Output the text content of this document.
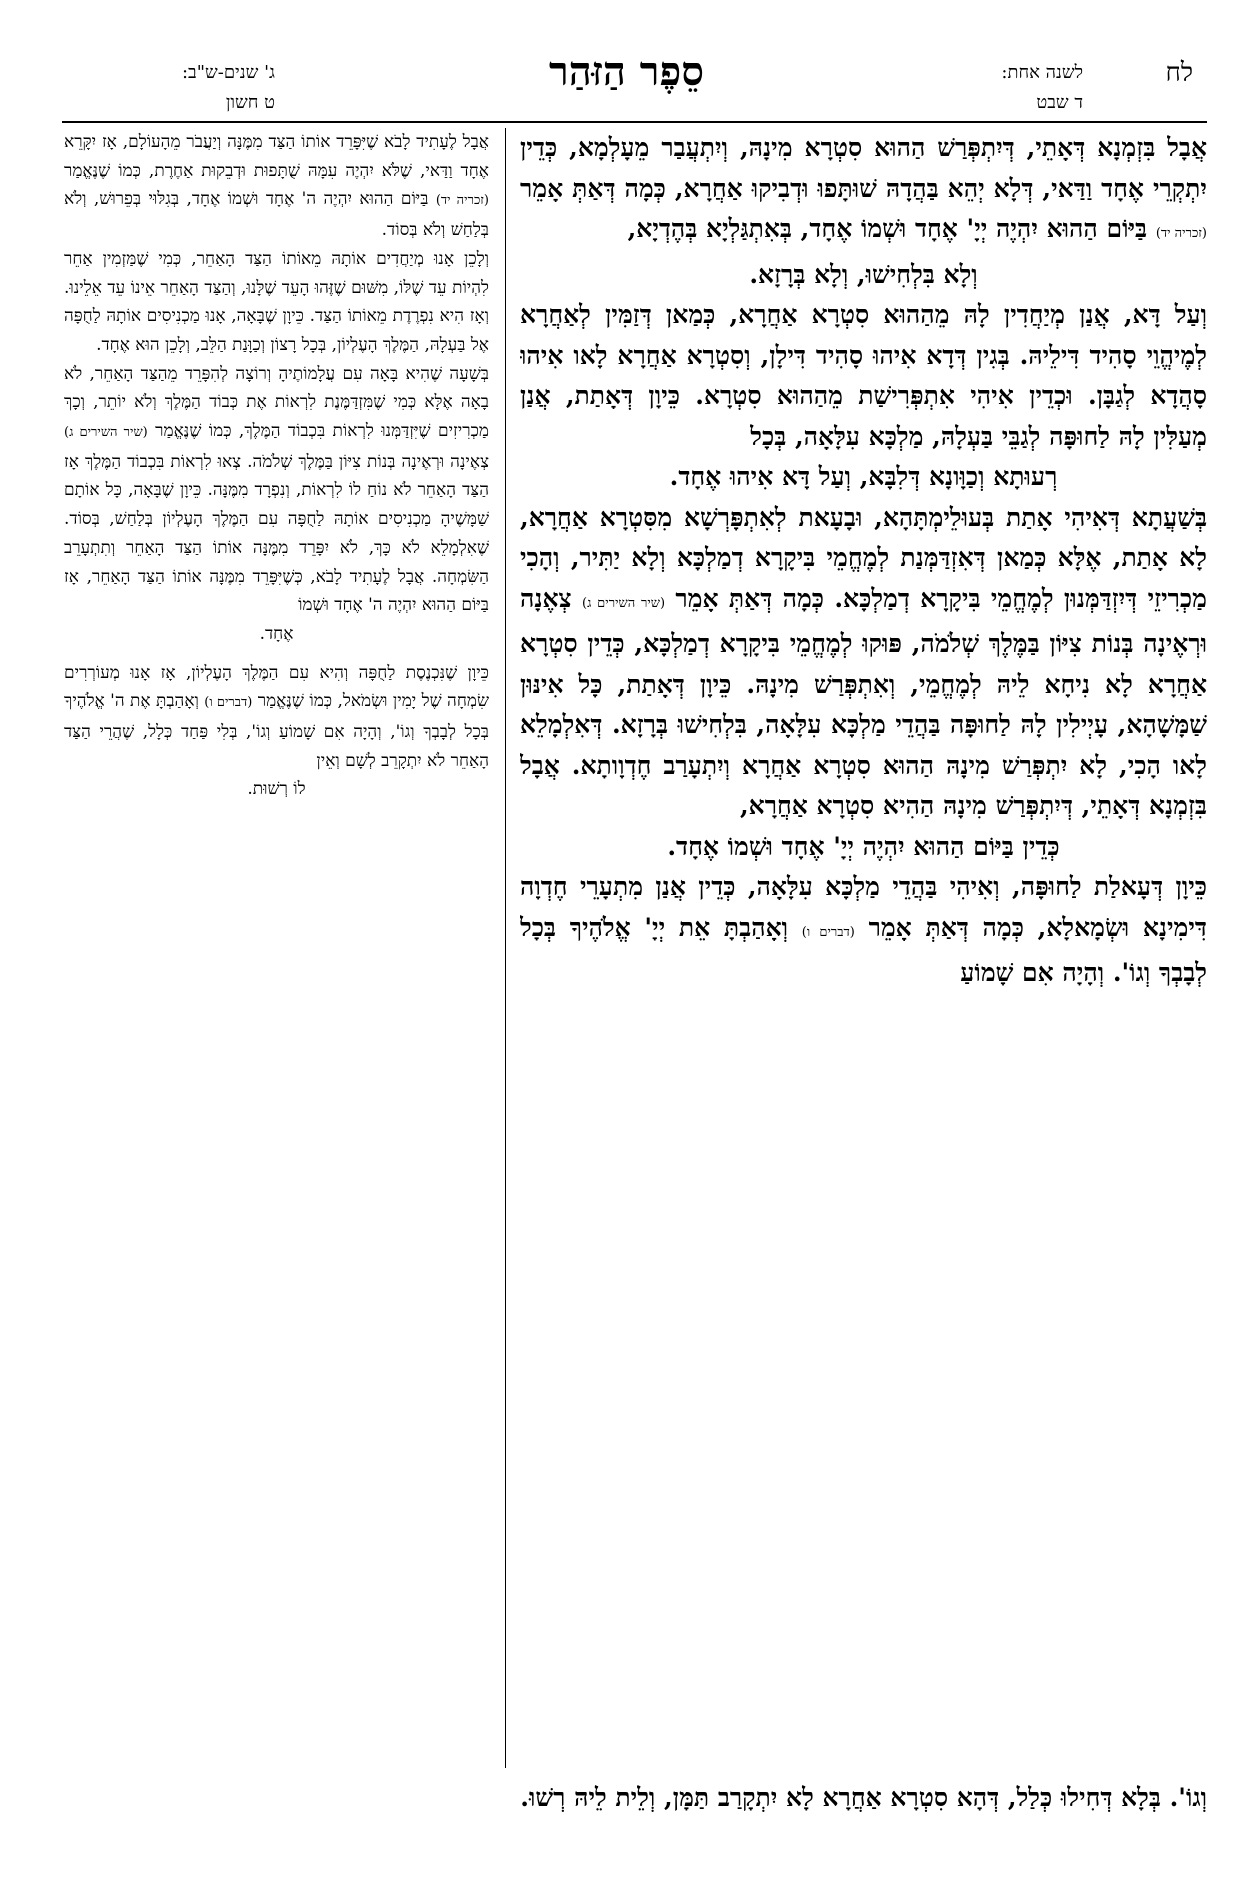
לח
לשנה אחת:
ד שבט
סֵפֶר הַזּהַר
ג' שנים-ש"ב:
ט חשון

אֲבָל בִּזְמְנָא דְּאָתֵי, דְּיִתְפְּרַשׁ הַהוּא סִטְרָא מִינָהּ, וְיִתְעֲבַר מֵעָלְמָא, כְּדֵין יִתְקְרֵי אֶחָד וַדַּאי, דְּלָא יְהֵא בַּהֲדָהּ שׁוּתָּפוּ וּדְבִיקוּ אַחֲרָא, כְּמָה דְּאַתְּ אָמֵר (זכריה יד) בַּיּוֹם הַהוּא יִהְיֶה יְיָ' אֶחָד וּשְׁמוֹ אֶחָד, בְּאִתְגַּלְיָא בְּהֶדְיָא,

וְלָא בִּלְחִישׁוּ, וְלָא בְּרָזָא.

וְעַל דָּא, אֲנַן מְיַחֲדִין לָהּ מֵהַהוּא סִטְרָא אַחֲרָא, כְּמַאן דְּזַמִּין לְאַחֲרָא לְמֶיהֱוֵי סָהִיד דִּילֵיהּ. בְּגִין דְּדָא אִיהוּ סָהִיד דִּילָן, וְסִטְרָא אַחֲרָא לָאו אִיהוּ סָהֲדָא לְגַבָּן. וּכְדֵין אִיהִי אִתְפְּרִישַׁת מֵהַהוּא סִטְרָא. כֵּיוָן דְּאָתַת, אֲנַן מְעַלִּין לָהּ לַחוּפָּה לְגַבֵּי בַּעְלָהּ, מַלְכָּא עִלָּאָה, בְּכָל

רְעוּתָא וְכַוָּונָא דְּלִבָּא, וְעַל דָּא אִיהוּ אֶחָד.

בְּשַׁעֲתָא דְּאִיהִי אָתַת בְּעוּלֵימְתָּהָא, וּבָעָאת לְאִתְפָּרְשָׁא מִסִּטְרָא אַחֲרָא, לָא אָתַת, אֶלָּא כְּמַאן דְּאִזְדַּמְּנַת לְמֶחֱמֵי בִּיקָרָא דְמַלְכָּא וְלָא יַתִּיר, וְהָכִי מַכְרִיזֵי דְּיִזְדַּמְּנוּן לְמֶחֱמֵי בִּיקָרָא דְמַלְכָּא. כְּמָה דְּאַתְּ אָמֵר (שיר השירים ג) צְאֶנָה וּרְאֶינָה בְּנוֹת צִיּוֹן בַּמֶּלֶךְ שְׁלֹמֹה, פּוּקוּ לְמֶחֱמֵי בִּיקָרָא דְמַלְכָּא, כְּדֵין סִטְרָא אַחֲרָא לָא נִיחָא לֵיהּ לְמֶחֱמֵי, וְאִתְפְּרַשׁ מִינָהּ. כֵּיוָן דְּאָתַת, כָּל אִינּוּן שַׁמָּשָׁהָא, עָיְילִין לָהּ לַחוּפָּה בַּהֲדֵי מַלְכָּא עִלָּאָה, בִּלְחִישׁוּ בְּרָזָא. דְּאִלְמָלֵא לָאו הָכִי, לָא יִתְפְּרַשׁ מִינָהּ הַהוּא סִטְרָא אַחֲרָא וְיִתְעָרַב חֶדְוָותָא. אֲבָל בִּזְמְנָא דְּאָתֵי, דְּיִתְפְּרַשׁ מִינָהּ הַהִיא סִטְרָא אַחֲרָא,

כְּדֵין בַּיּוֹם הַהוּא יִהְיֶה יְיָ' אֶחָד וּשְׁמוֹ אֶחָד.

כֵּיוָן דְּעָאלַת לַחוּפָּה, וְאִיהִי בַּהֲדֵי מַלְכָּא עִלָּאָה, כְּדֵין אֲנַן מִתְעָרֵי חֶדְוָה דִּימִינָא וּשְׂמָאלָא, כְּמָה דְּאַתְּ אָמֵר (דברים ו) וְאָהַבְתָּ אֵת יְיָ' אֱלֹהֶיךָ בְּכָל לְבָבְךָ וְגוֹ'. וְהָיָה אִם שָׁמוֹעַ

אֲבָל לֶעָתִיד לָבֹא שֶׁיִּפָּרֵד אוֹתוֹ הַצַּד מִמֶּנָּה וְיַעֲבֹר מֵהָעוֹלָם, אָז יִקָּרֵא אֶחָד וַדַּאי, שֶׁלֹּא יִהְיֶה עִמָּהּ שֻׁתָּפוּת וּדְבֵקוּת אַחֶרֶת, כְּמוֹ שֶׁנֶּאֱמַר (זכריה יד) בַּיּוֹם הַהוּא יִהְיֶה ה' אֶחָד וּשְׁמוֹ אֶחָד, בְּגִלּוּי בְּפֵרוּשׁ, וְלֹא בְּלַחַשׁ וְלֹא בְּסוֹד.

וְלָכֵן אָנוּ מְיַחֲדִים אוֹתָהּ מֵאוֹתוֹ הַצַּד הָאַחֵר, כְּמִי שֶׁמַּזְמִין אַחֵר לִהְיוֹת עֵד שֶׁלּוֹ, מִשּׁוּם שֶׁזֶּהוּ הָעֵד שֶׁלָּנוּ, וְהַצַּד הָאַחֵר אֵינוֹ עֵד אֵלֵינוּ. וְאָז הִיא נִפְרֶדֶת מֵאוֹתוֹ הַצַּד. כֵּיוָן שֶׁבָּאָה, אָנוּ מַכְנִיסִים אוֹתָהּ לַחֻפָּה אֶל בַּעְלָהּ, הַמֶּלֶךְ הָעֶלְיוֹן, בְּכָל רָצוֹן וְכַוָּנַת הַלֵּב, וְלָכֵן הוּא אֶחָד.

בְּשָׁעָה שֶׁהִיא בָּאָה עִם עֲלָמוֹתֶיהָ וְרוֹצָה לְהִפָּרֵד מֵהַצַּד הָאַחֵר, לֹא בָאָה אֶלָּא כְּמִי שֶׁמִּזְדַּמֶּנֶת לִרְאוֹת אֶת כְּבוֹד הַמֶּלֶךְ וְלֹא יוֹתֵר, וְכָךְ מַכְרִיזִים שֶׁיִּזְדַּמְּנוּ לִרְאוֹת בִּכְבוֹד הַמֶּלֶךְ, כְּמוֹ שֶׁנֶּאֱמַר (שיר השירים ג) צְאֶינָה וּרְאֶינָה בְּנוֹת צִיּוֹן בַּמֶּלֶךְ שְׁלֹמֹה. צְאוּ לִרְאוֹת בִּכְבוֹד הַמֶּלֶךְ אָז הַצַּד הָאַחֵר לֹא נוֹחַ לוֹ לִרְאוֹת, וְנִפְרָד מִמֶּנָּה. כֵּיוָן שֶׁבָּאָה, כָּל אוֹתָם שַׁמָּשֶׁיהָ מַכְנִיסִים אוֹתָהּ לַחֻפָּה עִם הַמֶּלֶךְ הָעֶלְיוֹן בְּלַחַשׁ, בְּסוֹד. שֶׁאִלְמָלֵא לֹא כָּךְ, לֹא יִפָּרֵד מִמֶּנָּה אוֹתוֹ הַצַּד הָאַחֵר וְתִתְעָרֵב הַשִּׂמְחָה. אֲבָל לֶעָתִיד לָבֹא, כְּשֶׁיִּפָּרֵד מִמֶּנָּה אוֹתוֹ הַצַּד הָאַחֵר, אָז בַּיּוֹם הַהוּא יִהְיֶה ה' אֶחָד וּשְׁמוֹ

אֶחָד.

כֵּיוָן שֶׁנִּכְנֶסֶת לַחֻפָּה וְהִיא עִם הַמֶּלֶךְ הָעֶלְיוֹן, אָז אָנוּ מְעוֹרְרִים שִׂמְחָה שֶׁל יָמִין וּשְׂמֹאל, כְּמוֹ שֶׁנֶּאֱמַר (דברים ו) וְאָהַבְתָּ אֶת ה' אֱלֹהֶיךָ בְּכָל לְבָבְךָ וְגוֹ', וְהָיָה אִם שָׁמוֹעַ וְגוֹ', בְּלִי פַּחַד כְּלָל, שֶׁהֲרֵי הַצַּד הָאַחֵר לֹא יִתְקָרֵב לְשָׁם וְאֵין

לוֹ רְשׁוּת.

וְגוֹ'. בְּלָא דְּחִילוּ כְּלַל, דְּהָא סִטְרָא אַחֲרָא לָא יִתְקָרַב תַּמָּן, וְלֵית לֵיהּ רְשׁוּ.
